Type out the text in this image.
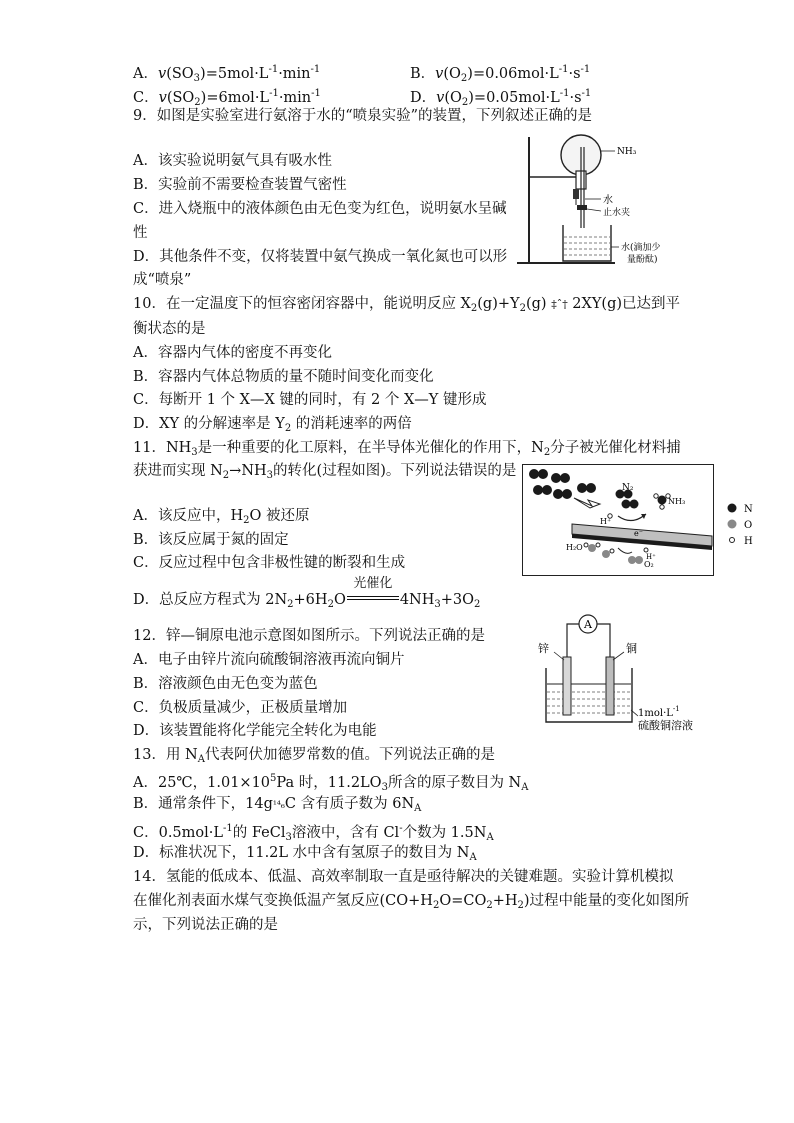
A．$v(SO_3)=5mol\cdot L^{-1}\cdot\min^{-1}$	B．$v(O_2)=0.06mol\cdot L^{-1}\cdot s^{-1}$
C．$v(SO_2)=6mol\cdot L^{-1}\cdot\min^{-1}$	D．$v(O_2)=0.05mol\cdot L^{-1}\cdot s^{-1}$
9．如图是实验室进行氨溶于水的“喷泉实验”的装置，下列叙述正确的是
A．该实验说明氨气具有吸水性
B．实验前不需要检查装置气密性
C．进入烧瓶中的液体颜色由无色变为红色，说明氨水呈碱
性
D．其他条件不变，仅将装置中氨气换成一氧化氮也可以形
成“喷泉”
NH₃
水
止水夹
水(滴加少
量酚酞)
10．在一定温度下的恒容密闭容器中，能说明反应 $X_2(g)+Y_2(g)$ ‡ˆ† 2XY(g)已达到平
衡状态的是
A．容器内气体的密度不再变化
B．容器内气体总物质的量不随时间变化而变化
C．每断开 1 个 X—X 键的同时，有 2 个 X—Y 键形成
D．XY 的分解速率是 $Y_2$ 的消耗速率的两倍
11．$NH_3$是一种重要的化工原料，在半导体光催化的作用下，$N_2$分子被光催化材料捕
获进而实现 $N_2\to NH_3$的转化(过程如图)。下列说法错误的是
A．该反应中，$H_2O$ 被还原
B．该反应属于氮的固定
C．反应过程中包含非极性键的断裂和生成
D．总反应方程式为 $2N_2+6H_2O$
光催化
$4NH_3+3O_2$
N₂
NH₃
H⁺
e⁻
H₂O
O₂
H⁺
N
O
H
12．锌—铜原电池示意图如图所示。下列说法正确的是
A．电子由锌片流向硫酸铜溶液再流向铜片
B．溶液颜色由无色变为蓝色
C．负极质量减少，正极质量增加
D．该装置能将化学能完全转化为电能
A
锌	铜
$1mol\cdot L^{-1}$
硫酸铜溶液
13．用 $N_A$代表阿伏加德罗常数的值。下列说法正确的是
A．25℃，$1.01\times 10^5Pa$ 时，$11.2LO_3$所含的原子数目为 $N_A$
B．通常条件下，14g¹⁴₆C 含有质子数为 $6N_A$
C．$0.5mol\cdot L^{-1}$的 FeCl$_3$溶液中，含有 Cl-个数为 $1.5N_A$
D．标准状况下，11.2L 水中含有氢原子的数目为 $N_A$
14．氢能的低成本、低温、高效率制取一直是亟待解决的关键难题。实验计算机模拟
在催化剂表面水煤气变换低温产氢反应$(CO+H_2O=CO_2+H_2)$过程中能量的变化如图所
示，下列说法正确的是
